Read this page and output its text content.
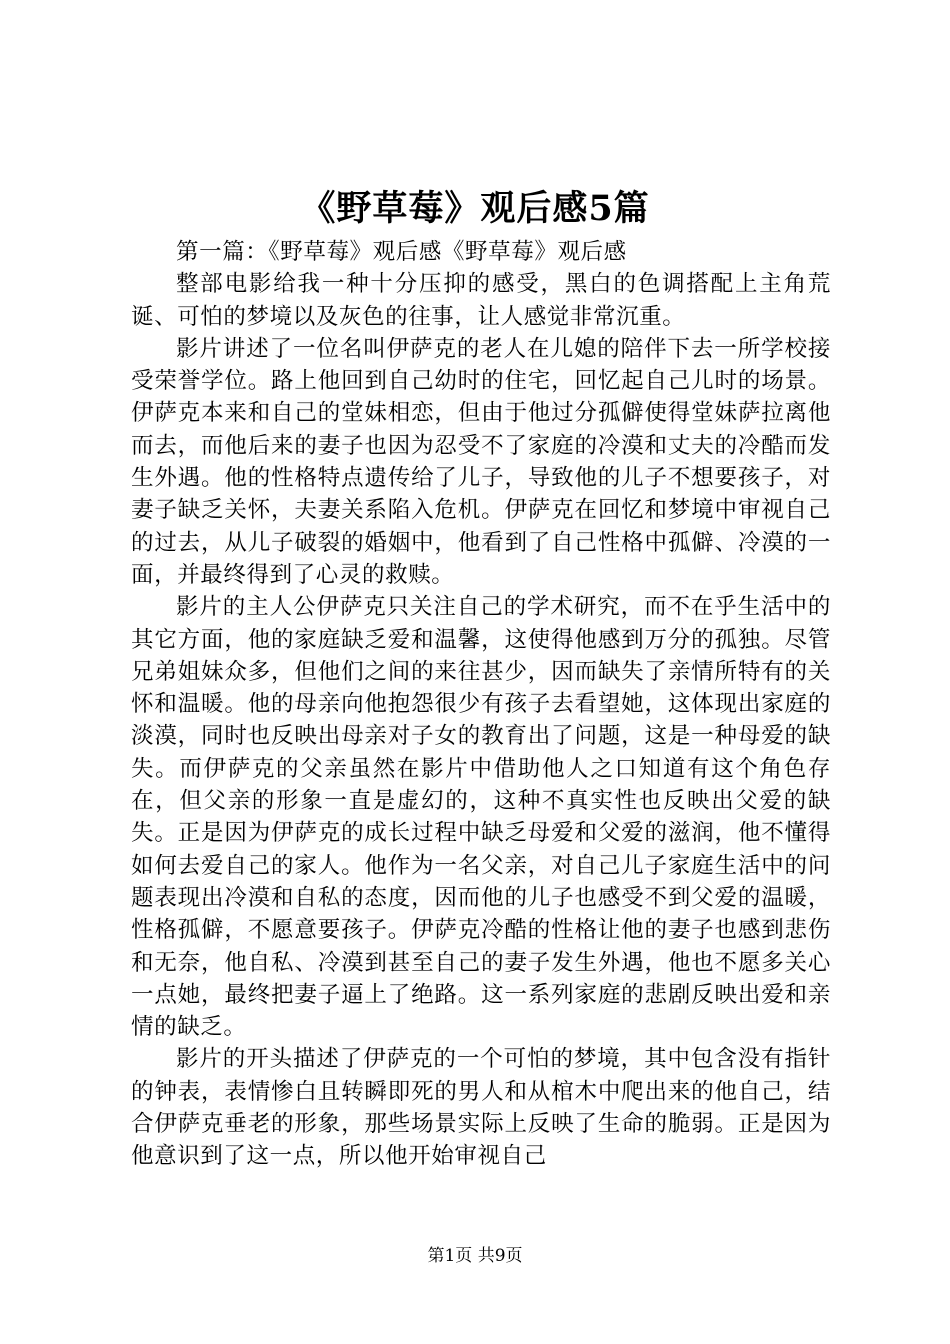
《野草莓》观后感5篇

第一篇：《野草莓》观后感《野草莓》观后感

整部电影给我一种十分压抑的感受，黑白的色调搭配上主角荒诞、可怕的梦境以及灰色的往事，让人感觉非常沉重。

影片讲述了一位名叫伊萨克的老人在儿媳的陪伴下去一所学校接受荣誉学位。路上他回到自己幼时的住宅，回忆起自己儿时的场景。伊萨克本来和自己的堂妹相恋，但由于他过分孤僻使得堂妹萨拉离他而去，而他后来的妻子也因为忍受不了家庭的冷漠和丈夫的冷酷而发生外遇。他的性格特点遗传给了儿子，导致他的儿子不想要孩子，对妻子缺乏关怀，夫妻关系陷入危机。伊萨克在回忆和梦境中审视自己的过去，从儿子破裂的婚姻中，他看到了自己性格中孤僻、冷漠的一面，并最终得到了心灵的救赎。

影片的主人公伊萨克只关注自己的学术研究，而不在乎生活中的其它方面，他的家庭缺乏爱和温馨，这使得他感到万分的孤独。尽管兄弟姐妹众多，但他们之间的来往甚少，因而缺失了亲情所特有的关怀和温暖。他的母亲向他抱怨很少有孩子去看望她，这体现出家庭的淡漠，同时也反映出母亲对子女的教育出了问题，这是一种母爱的缺失。而伊萨克的父亲虽然在影片中借助他人之口知道有这个角色存在，但父亲的形象一直是虚幻的，这种不真实性也反映出父爱的缺失。正是因为伊萨克的成长过程中缺乏母爱和父爱的滋润，他不懂得如何去爱自己的家人。他作为一名父亲，对自己儿子家庭生活中的问题表现出冷漠和自私的态度，因而他的儿子也感受不到父爱的温暖，性格孤僻，不愿意要孩子。伊萨克冷酷的性格让他的妻子也感到悲伤和无奈，他自私、冷漠到甚至自己的妻子发生外遇，他也不愿多关心一点她，最终把妻子逼上了绝路。这一系列家庭的悲剧反映出爱和亲情的缺乏。

影片的开头描述了伊萨克的一个可怕的梦境，其中包含没有指针的钟表，表情惨白且转瞬即死的男人和从棺木中爬出来的他自己，结合伊萨克垂老的形象，那些场景实际上反映了生命的脆弱。正是因为他意识到了这一点，所以他开始审视自己

第1页 共9页
